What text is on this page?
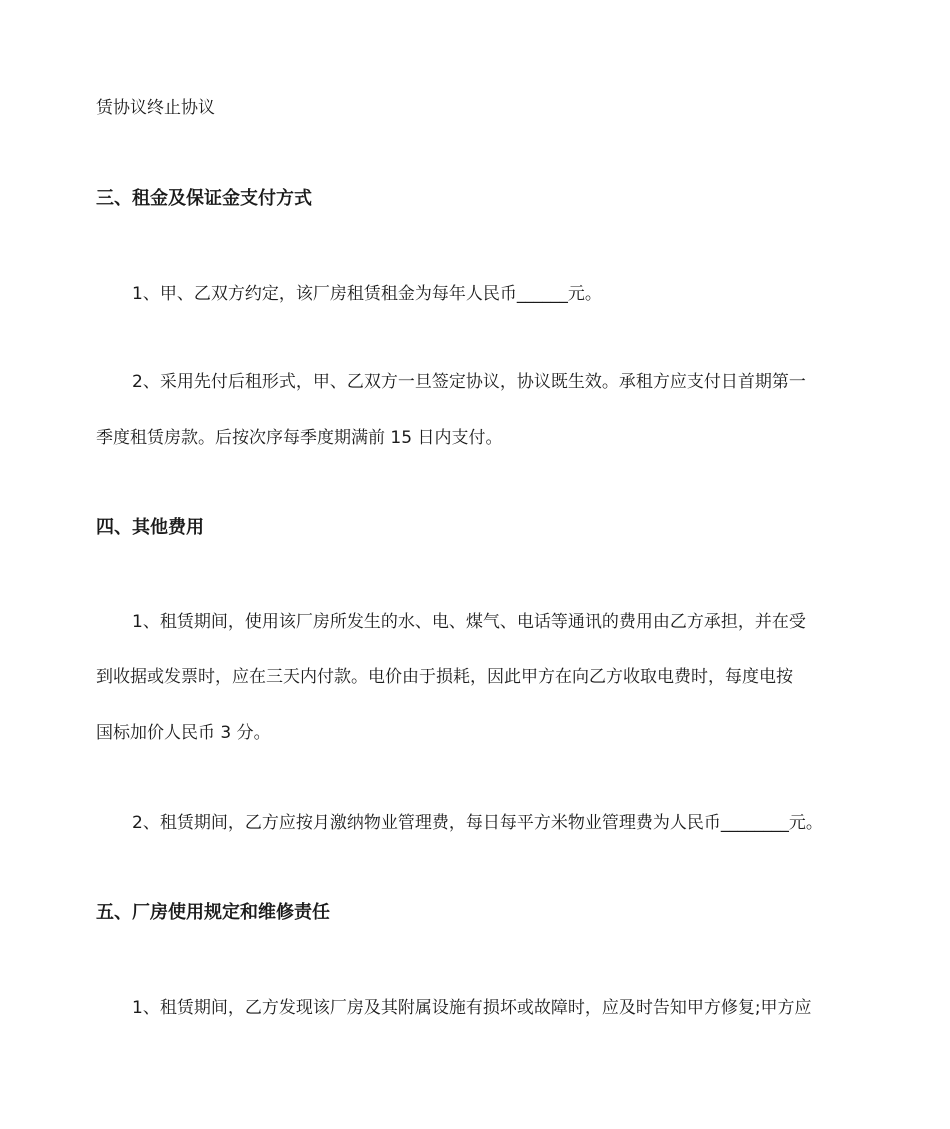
赁协议终止协议
三、租金及保证金支付方式
1、甲、乙双方约定，该厂房租赁租金为每年人民币______元。
2、采用先付后租形式，甲、乙双方一旦签定协议，协议既生效。承租方应支付日首期第一
季度租赁房款。后按次序每季度期满前 15 日内支付。
四、其他费用
1、租赁期间，使用该厂房所发生的水、电、煤气、电话等通讯的费用由乙方承担，并在受
到收据或发票时，应在三天内付款。电价由于损耗，因此甲方在向乙方收取电费时，每度电按
国标加价人民币 3 分。
2、租赁期间，乙方应按月激纳物业管理费，每日每平方米物业管理费为人民币________元。
五、厂房使用规定和维修责任
1、租赁期间，乙方发现该厂房及其附属设施有损坏或故障时，应及时告知甲方修复;甲方应
